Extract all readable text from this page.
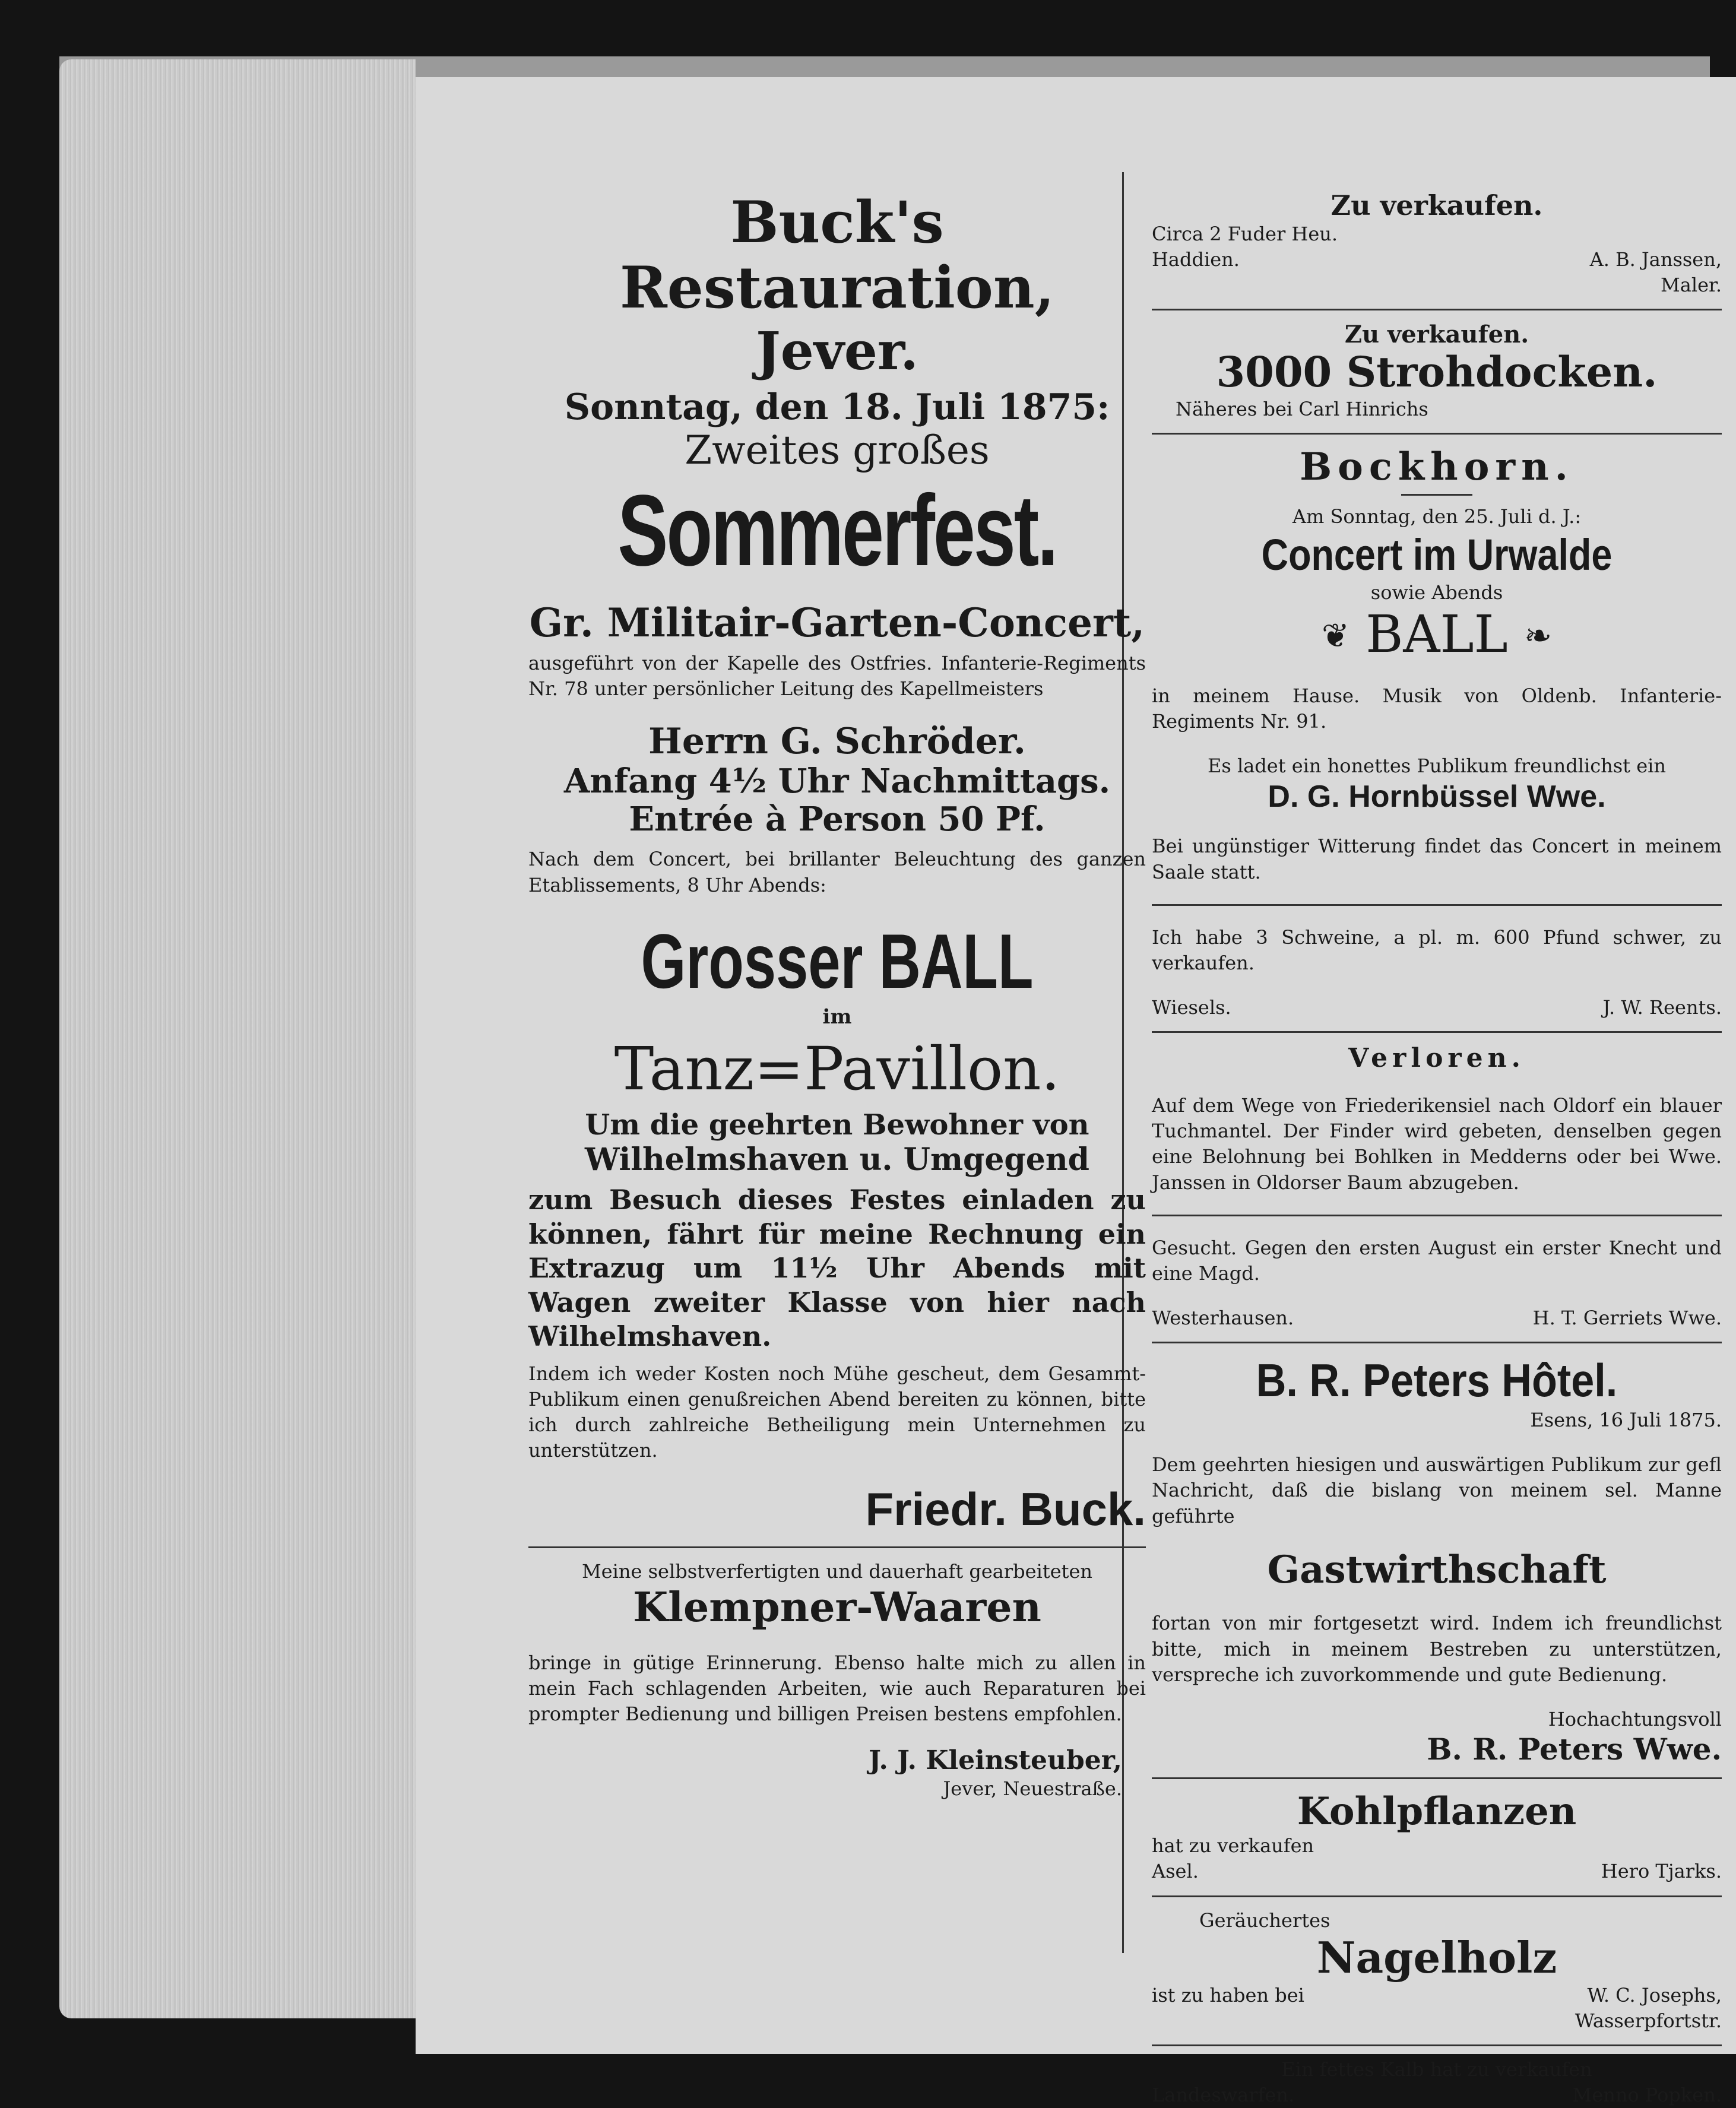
Buck's Restauration,

Jever.

Sonntag, den 18. Juli 1875:

Zweites großes

Sommerfest.

Gr. Militair-Garten-Concert,

ausgeführt von der Kapelle des Ostfries. Infanterie-Regiments Nr. 78 unter persönlicher Leitung des Kapellmeisters

Herrn G. Schröder.

Anfang 4½ Uhr Nachmittags.

Entrée à Person 50 Pf.

Nach dem Concert, bei brillanter Beleuchtung des ganzen Etablissements, 8 Uhr Abends:

Grosser BALL

im

Tanz=Pavillon.

Um die geehrten Bewohner von

Wilhelmshaven u. Umgegend

zum Besuch dieses Festes einladen zu können, fährt für meine Rechnung ein Extrazug um 11½ Uhr Abends mit Wagen zweiter Klasse von hier nach Wilhelmshaven.

Indem ich weder Kosten noch Mühe gescheut, dem Gesammt-Publikum einen genußreichen Abend bereiten zu können, bitte ich durch zahlreiche Betheiligung mein Unternehmen zu unterstützen.

Friedr. Buck.

Meine selbstverfertigten und dauerhaft gearbeiteten

Klempner-Waaren

bringe in gütige Erinnerung. Ebenso halte mich zu allen in mein Fach schlagenden Arbeiten, wie auch Reparaturen bei prompter Bedienung und billigen Preisen bestens empfohlen.

J. J. Kleinsteuber,

Jever, Neuestraße.

Zu verkaufen.

Circa 2 Fuder Heu.

Haddien.	A. B. Janssen,

Maler.

Zu verkaufen.

3000 Strohdocken.

Näheres bei Carl Hinrichs

Bockhorn.

Am Sonntag, den 25. Juli d. J.:

Concert im Urwalde

sowie Abends

❦ BALL ❧

in meinem Hause. Musik von Oldenb. Infanterie-Regiments Nr. 91.

Es ladet ein honettes Publikum freundlichst ein

D. G. Hornbüssel Wwe.

Bei ungünstiger Witterung findet das Concert in meinem Saale statt.

Ich habe 3 Schweine, a pl. m. 600 Pfund schwer, zu verkaufen.

Wiesels.	J. W. Reents.

Verloren.

Auf dem Wege von Friederikensiel nach Oldorf ein blauer Tuchmantel. Der Finder wird gebeten, denselben gegen eine Belohnung bei Bohlken in Medderns oder bei Wwe. Janssen in Oldorser Baum abzugeben.

Gesucht. Gegen den ersten August ein erster Knecht und eine Magd.

Westerhausen.	H. T. Gerriets Wwe.

B. R. Peters Hôtel.

Esens, 16 Juli 1875.

Dem geehrten hiesigen und auswärtigen Publikum zur gefl Nachricht, daß die bislang von meinem sel. Manne geführte

Gastwirthschaft

fortan von mir fortgesetzt wird. Indem ich freundlichst bitte, mich in meinem Bestreben zu unterstützen, verspreche ich zuvorkommende und gute Bedienung.

Hochachtungsvoll

B. R. Peters Wwe.

Kohlpflanzen

hat zu verkaufen

Asel.	Hero Tjarks.

Geräuchertes

Nagelholz

ist zu haben bei	W. C. Josephs,

Wasserpfortstr.

Ein fettes Kalb hat zu verkaufen

Landeswarfen.	Menno Popken.
